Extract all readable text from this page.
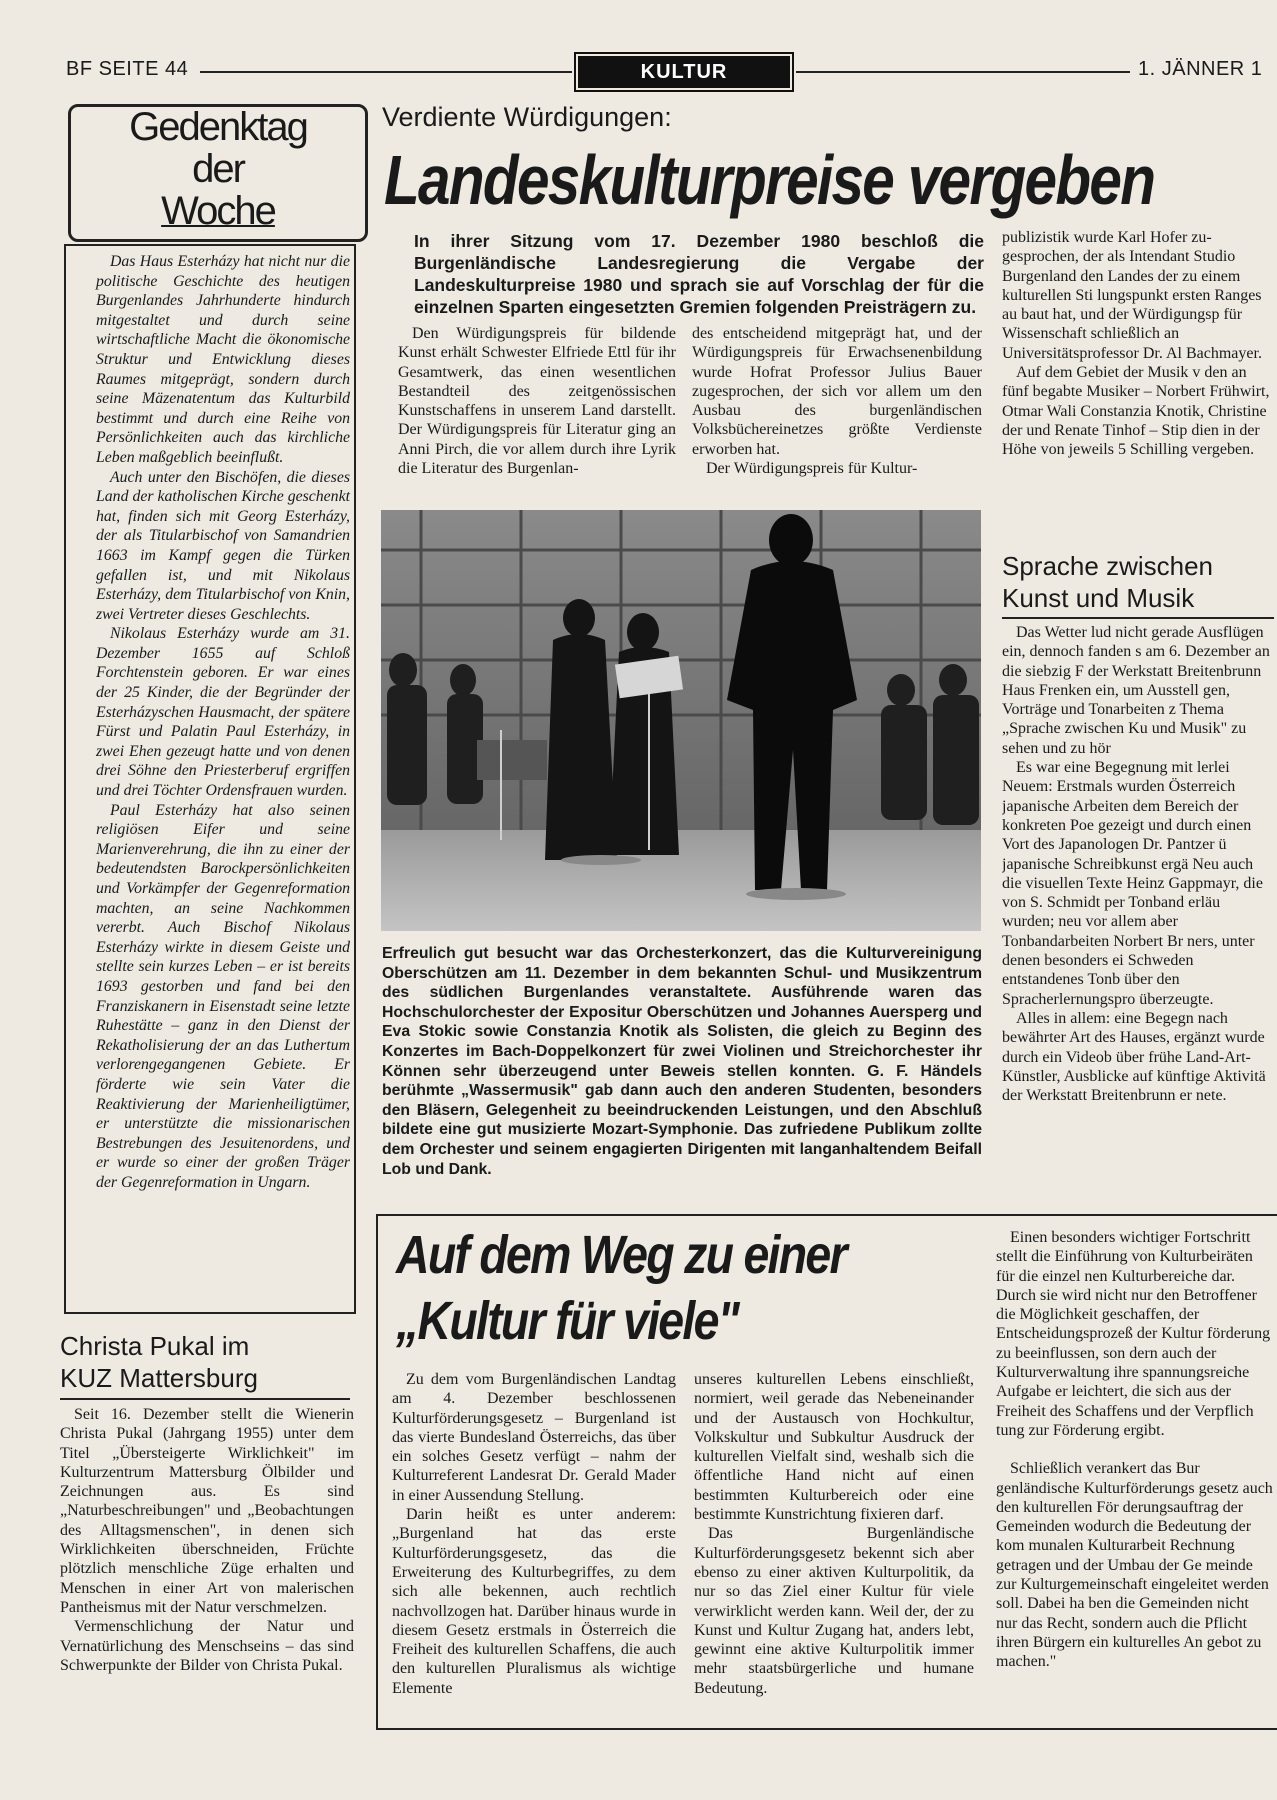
BF SEITE 44	KULTUR	1. JÄNNER 1
Gedenktag
der
Woche

Das Haus Esterházy hat nicht nur die politische Geschichte des heutigen Burgenlandes Jahrhunderte hindurch mitgestaltet und durch seine wirtschaftliche Macht die ökonomische Struktur und Entwicklung dieses Raumes mitgeprägt, sondern durch seine Mäzenatentum das Kulturbild bestimmt und durch eine Reihe von Persönlichkeiten auch das kirchliche Leben maßgeblich beeinflußt.

Auch unter den Bischöfen, die dieses Land der katholischen Kirche geschenkt hat, finden sich mit Georg Esterházy, der als Titularbischof von Samandrien 1663 im Kampf gegen die Türken gefallen ist, und mit Nikolaus Esterházy, dem Titularbischof von Knin, zwei Vertreter dieses Geschlechts.

Nikolaus Esterházy wurde am 31. Dezember 1655 auf Schloß Forchtenstein geboren. Er war eines der 25 Kinder, die der Begründer der Esterházyschen Hausmacht, der spätere Fürst und Palatin Paul Esterházy, in zwei Ehen gezeugt hatte und von denen drei Söhne den Priesterberuf ergriffen und drei Töchter Ordensfrauen wurden.

Paul Esterházy hat also seinen religiösen Eifer und seine Marienverehrung, die ihn zu einer der bedeutendsten Barockpersönlichkeiten und Vorkämpfer der Gegenreformation machten, an seine Nachkommen vererbt. Auch Bischof Nikolaus Esterházy wirkte in diesem Geiste und stellte sein kurzes Leben – er ist bereits 1693 gestorben und fand bei den Franziskanern in Eisenstadt seine letzte Ruhestätte – ganz in den Dienst der Rekatholisierung der an das Luthertum verlorengegangenen Gebiete. Er förderte wie sein Vater die Reaktivierung der Marienheiligtümer, er unterstützte die missionarischen Bestrebungen des Jesuitenordens, und er wurde so einer der großen Träger der Gegenreformation in Ungarn.

Christa Pukal im
KUZ Mattersburg

Seit 16. Dezember stellt die Wienerin Christa Pukal (Jahrgang 1955) unter dem Titel „Übersteigerte Wirklichkeit" im Kulturzentrum Mattersburg Ölbilder und Zeichnungen aus. Es sind „Naturbeschreibungen" und „Beobachtungen des Alltagsmenschen", in denen sich Wirklichkeiten überschneiden, Früchte plötzlich menschliche Züge erhalten und Menschen in einer Art von malerischen Pantheismus mit der Natur verschmelzen.

Vermenschlichung der Natur und Vernatürlichung des Menschseins – das sind Schwerpunkte der Bilder von Christa Pukal.

Verdiente Würdigungen:
Landeskulturpreise vergeben
In ihrer Sitzung vom 17. Dezember 1980 beschloß die Burgenländische Landesregierung die Vergabe der Landeskulturpreise 1980 und sprach sie auf Vorschlag der für die einzelnen Sparten eingesetzten Gremien folgenden Preisträgern zu.

Den Würdigungspreis für bildende Kunst erhält Schwester Elfriede Ettl für ihr Gesamtwerk, das einen wesentlichen Bestandteil des zeitgenössischen Kunstschaffens in unserem Land darstellt. Der Würdigungspreis für Literatur ging an Anni Pirch, die vor allem durch ihre Lyrik die Literatur des Burgenlan-

des entscheidend mitgeprägt hat, und der Würdigungspreis für Erwachsenenbildung wurde Hofrat Professor Julius Bauer zugesprochen, der sich vor allem um den Ausbau des burgenländischen Volksbüchereinetzes größte Verdienste erworben hat.

Der Würdigungspreis für Kultur-

publizistik wurde Karl Hofer zu- gesprochen, der als Intendant Studio Burgenland den Landes der zu einem kulturellen Sti lungspunkt ersten Ranges au baut hat, und der Würdigungsp für Wissenschaft schließlich an Universitätsprofessor Dr. Al Bachmayer.

Auf dem Gebiet der Musik v den an fünf begabte Musiker – Norbert Frühwirt, Otmar Wali Constanzia Knotik, Christine der und Renate Tinhof – Stip dien in der Höhe von jeweils 5 Schilling vergeben.

Erfreulich gut besucht war das Orchesterkonzert, das die Kulturvereinigung Oberschützen am 11. Dezember in dem bekannten Schul- und Musikzentrum des südlichen Burgenlandes veranstaltete. Ausführende waren das Hochschulorchester der Expositur Oberschützen und Johannes Auersperg und Eva Stokic sowie Constanzia Knotik als Solisten, die gleich zu Beginn des Konzertes im Bach-Doppelkonzert für zwei Violinen und Streichorchester ihr Können sehr überzeugend unter Beweis stellen konnten. G. F. Händels berühmte „Wassermusik" gab dann auch den anderen Studenten, besonders den Bläsern, Gelegenheit zu beeindruckenden Leistungen, und den Abschluß bildete eine gut musizierte Mozart-Symphonie. Das zufriedene Publikum zollte dem Orchester und seinem engagierten Dirigenten mit langanhaltendem Beifall Lob und Dank.
Sprache zwischen
Kunst und Musik

Das Wetter lud nicht gerade Ausflügen ein, dennoch fanden s am 6. Dezember an die siebzig F der Werkstatt Breitenbrunn Haus Frenken ein, um Ausstell gen, Vorträge und Tonarbeiten z Thema „Sprache zwischen Ku und Musik" zu sehen und zu hör

Es war eine Begegnung mit lerlei Neuem: Erstmals wurden Österreich japanische Arbeiten dem Bereich der konkreten Poe gezeigt und durch einen Vort des Japanologen Dr. Pantzer ü japanische Schreibkunst ergä Neu auch die visuellen Texte Heinz Gappmayr, die von S. Schmidt per Tonband erläu wurden; neu vor allem aber Tonbandarbeiten Norbert Br ners, unter denen besonders ei Schweden entstandenes Tonb über den Spracherlernungspro überzeugte.

Alles in allem: eine Begegn nach bewährter Art des Hauses, ergänzt wurde durch ein Videob über frühe Land-Art-Künstler, Ausblicke auf künftige Aktivitä der Werkstatt Breitenbrunn er nete.

Auf dem Weg zu einer
„Kultur für viele"

Zu dem vom Burgenländischen Landtag am 4. Dezember beschlossenen Kulturförderungsgesetz – Burgenland ist das vierte Bundesland Österreichs, das über ein solches Gesetz verfügt – nahm der Kulturreferent Landesrat Dr. Gerald Mader in einer Aussendung Stellung.

Darin heißt es unter anderem: „Burgenland hat das erste Kulturförderungsgesetz, das die Erweiterung des Kulturbegriffes, zu dem sich alle bekennen, auch rechtlich nachvollzogen hat. Darüber hinaus wurde in diesem Gesetz erstmals in Österreich die Freiheit des kulturellen Schaffens, die auch den kulturellen Pluralismus als wichtige Elemente

unseres kulturellen Lebens einschließt, normiert, weil gerade das Nebeneinander und der Austausch von Hochkultur, Volkskultur und Subkultur Ausdruck der kulturellen Vielfalt sind, weshalb sich die öffentliche Hand nicht auf einen bestimmten Kulturbereich oder eine bestimmte Kunstrichtung fixieren darf.

Das Burgenländische Kulturförderungsgesetz bekennt sich aber ebenso zu einer aktiven Kulturpolitik, da nur so das Ziel einer Kultur für viele verwirklicht werden kann. Weil der, der zu Kunst und Kultur Zugang hat, anders lebt, gewinnt eine aktive Kulturpolitik immer mehr staatsbürgerliche und humane Bedeutung.

Einen besonders wichtiger Fortschritt stellt die Einführung von Kulturbeiräten für die einzel nen Kulturbereiche dar. Durch sie wird nicht nur den Betroffener die Möglichkeit geschaffen, der Entscheidungsprozeß der Kultur förderung zu beeinflussen, son dern auch der Kulturverwaltung ihre spannungsreiche Aufgabe er leichtert, die sich aus der Freiheit des Schaffens und der Verpflich tung zur Förderung ergibt.

Schließlich verankert das Bur genländische Kulturförderungs gesetz auch den kulturellen För derungsauftrag der Gemeinden wodurch die Bedeutung der kom munalen Kulturarbeit Rechnung getragen und der Umbau der Ge meinde zur Kulturgemeinschaft eingeleitet werden soll. Dabei ha ben die Gemeinden nicht nur das Recht, sondern auch die Pflicht ihren Bürgern ein kulturelles An gebot zu machen."
